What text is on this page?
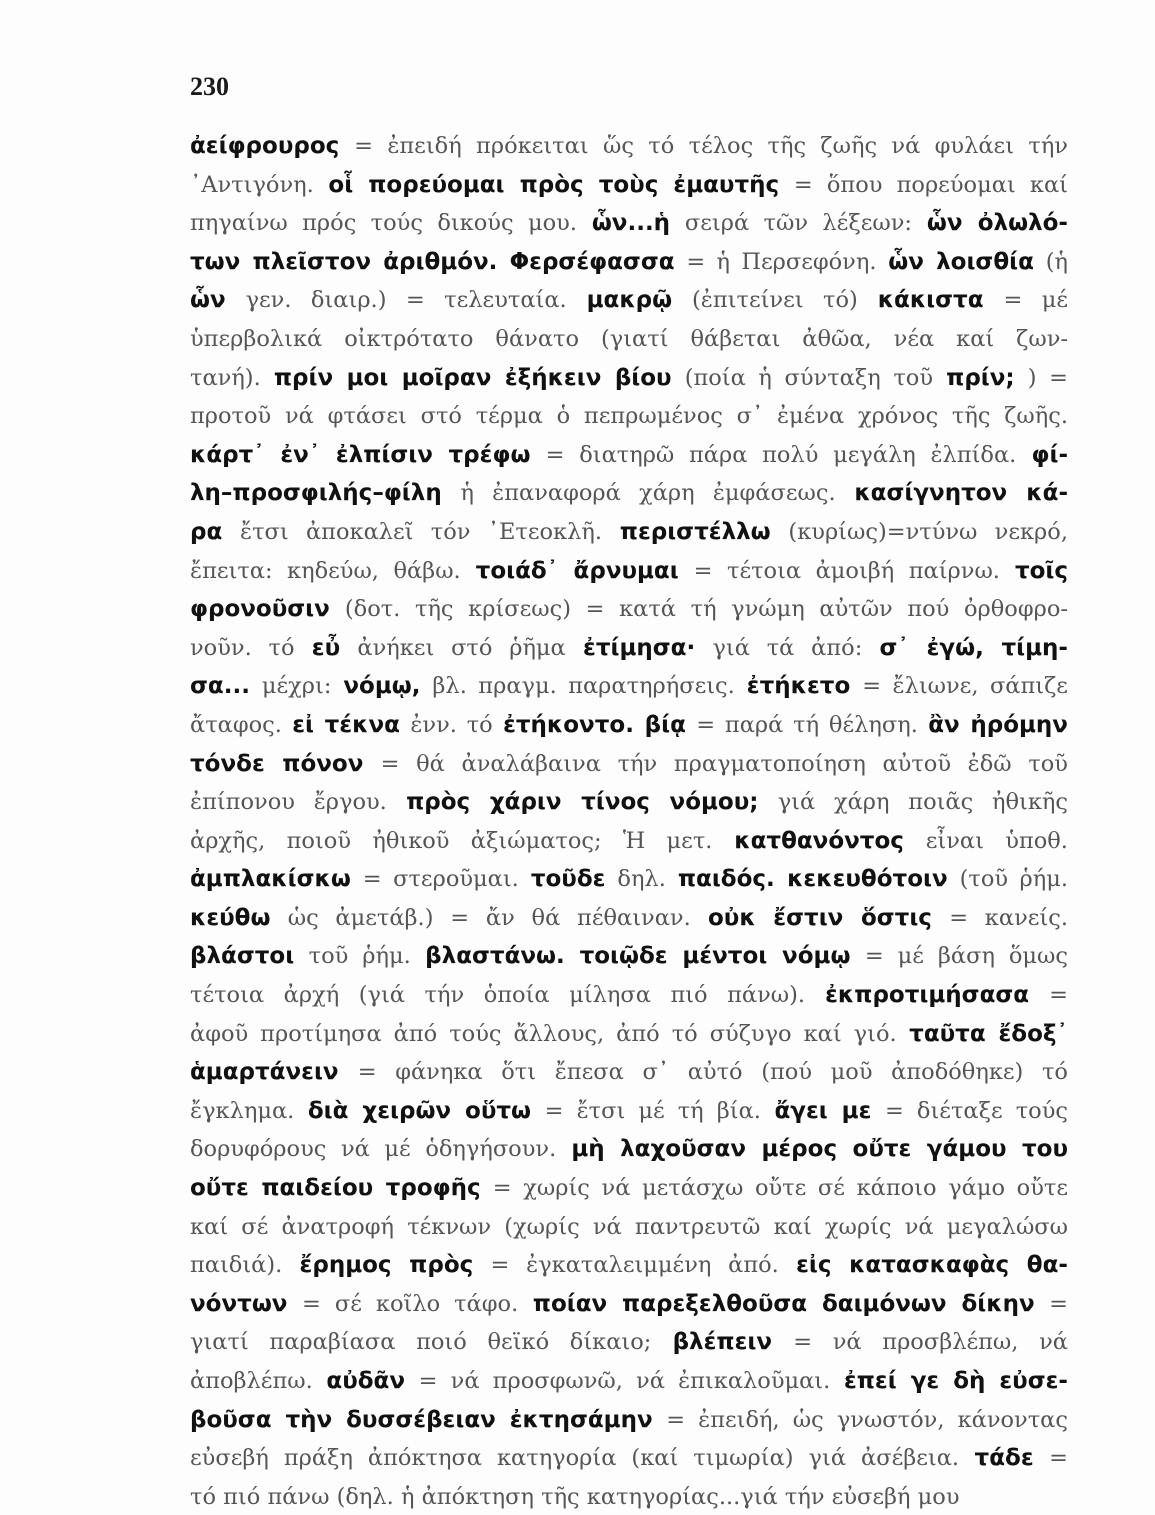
230
ἀείφρουρος = ἐπειδή πρόκειται ὥς τό τέλος τῆς ζωῆς νά φυλάει τήν
᾿Αντιγόνη. οἷ πορεύομαι πρὸς τοὺς ἐμαυτῆς = ὅπου πορεύομαι καί
πηγαίνω πρός τούς δικούς μου. ὧν...ἡ σειρά τῶν λέξεων: ὧν ὀλωλό-
των πλεῖστον ἀριθμόν. Φερσέφασσα = ἡ Περσεφόνη. ὧν λοισθία (ἡ
ὧν γεν. διαιρ.) = τελευταία. μακρῷ (ἐπιτείνει τό) κάκιστα = μέ
ὑπερβολικά οἰκτρότατο θάνατο (γιατί θάβεται ἀθῶα, νέα καί ζων-
τανή). πρίν μοι μοῖραν ἐξήκειν βίου (ποία ἡ σύνταξη τοῦ πρίν; ) =
προτοῦ νά φτάσει στό τέρμα ὁ πεπρωμένος σ᾿ ἐμένα χρόνος τῆς ζωῆς.
κάρτ᾿ ἐν᾿ ἐλπίσιν τρέφω = διατηρῶ πάρα πολύ μεγάλη ἐλπίδα. φί-
λη–προσφιλής–φίλη ἡ ἐπαναφορά χάρη ἐμφάσεως. κασίγνητον κά-
ρα ἔτσι ἀποκαλεῖ τόν ᾿Ετεοκλῆ. περιστέλλω (κυρίως)=ντύνω νεκρό,
ἔπειτα: κηδεύω, θάβω. τοιάδ᾿ ἄρνυμαι = τέτοια ἀμοιβή παίρνω. τοῖς
φρονοῦσιν (δοτ. τῆς κρίσεως) = κατά τή γνώμη αὐτῶν πού ὀρθοφρο-
νοῦν. τό εὖ ἀνήκει στό ῥῆμα ἐτίμησα· γιά τά ἀπό: σ᾿ ἐγώ, τίμη-
σα... μέχρι: νόμῳ, βλ. πραγμ. παρατηρήσεις. ἐτήκετο = ἔλιωνε, σάπιζε
ἄταφος. εἰ τέκνα ἐνν. τό ἐτήκοντο. βίᾳ = παρά τή θέληση. ἂν ἠρόμην
τόνδε πόνον = θά ἀναλάβαινα τήν πραγματοποίηση αὐτοῦ ἐδῶ τοῦ
ἐπίπονου ἔργου. πρὸς χάριν τίνος νόμου; γιά χάρη ποιᾶς ἠθικῆς
ἀρχῆς, ποιοῦ ἠθικοῦ ἀξιώματος; Ἡ μετ. κατθανόντος εἶναι ὑποθ.
ἀμπλακίσκω = στεροῦμαι. τοῦδε δηλ. παιδός. κεκευθότοιν (τοῦ ῥήμ.
κεύθω ὡς ἀμετάβ.) = ἄν θά πέθαιναν. οὐκ ἔστιν ὅστις = κανείς.
βλάστοι τοῦ ῥήμ. βλαστάνω. τοιῷδε μέντοι νόμῳ = μέ βάση ὅμως
τέτοια ἀρχή (γιά τήν ὁποία μίλησα πιό πάνω). ἐκπροτιμήσασα =
ἀφοῦ προτίμησα ἀπό τούς ἄλλους, ἀπό τό σύζυγο καί γιό. ταῦτα ἔδοξ᾿
ἁμαρτάνειν = φάνηκα ὅτι ἔπεσα σ᾿ αὐτό (πού μοῦ ἀποδόθηκε) τό
ἔγκλημα. διὰ χειρῶν οὕτω = ἔτσι μέ τή βία. ἄγει με = διέταξε τούς
δορυφόρους νά μέ ὁδηγήσουν. μὴ λαχοῦσαν μέρος οὔτε γάμου του
οὔτε παιδείου τροφῆς = χωρίς νά μετάσχω οὔτε σέ κάποιο γάμο οὔτε
καί σέ ἀνατροφή τέκνων (χωρίς νά παντρευτῶ καί χωρίς νά μεγαλώσω
παιδιά). ἔρημος πρὸς = ἐγκαταλειμμένη ἀπό. εἰς κατασκαφὰς θα-
νόντων = σέ κοῖλο τάφο. ποίαν παρεξελθοῦσα δαιμόνων δίκην =
γιατί παραβίασα ποιό θεϊκό δίκαιο; βλέπειν = νά προσβλέπω, νά
ἀποβλέπω. αὐδᾶν = νά προσφωνῶ, νά ἐπικαλοῦμαι. ἐπεί γε δὴ εὐσε-
βοῦσα τὴν δυσσέβειαν ἐκτησάμην = ἐπειδή, ὡς γνωστόν, κάνοντας
εὐσεβή πράξη ἀπόκτησα κατηγορία (καί τιμωρία) γιά ἀσέβεια. τάδε =
τό πιό πάνω (δηλ. ἡ ἀπόκτηση τῆς κατηγορίας...γιά τήν εὐσεβή μου
